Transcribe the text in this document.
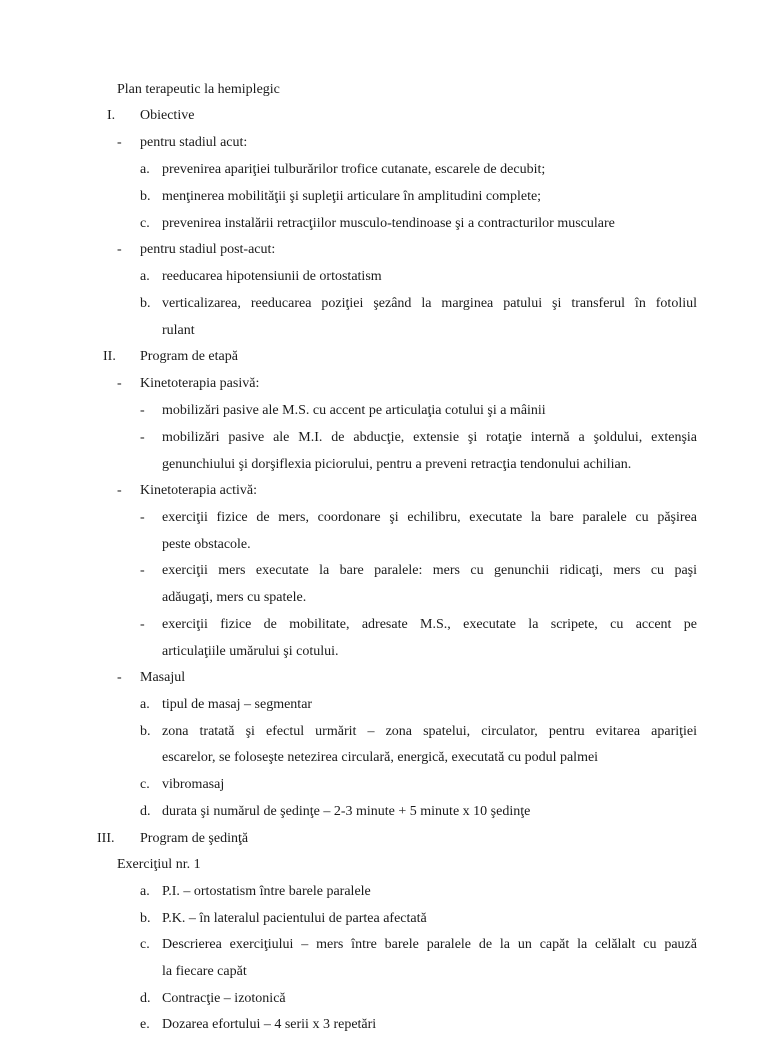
Plan terapeutic la hemiplegic
I. Obiective
- pentru stadiul acut:
a. prevenirea apariţiei tulburărilor trofice cutanate, escarele de decubit;
b. menţinerea mobilităţii şi supleţii articulare în amplitudini complete;
c. prevenirea instalării retracţiilor musculo-tendinoase şi a contracturilor musculare
- pentru stadiul post-acut:
a. reeducarea hipotensiunii de ortostatism
b. verticalizarea, reeducarea poziţiei şezând la marginea patului şi transferul în fotoliul
rulant
II. Program de etapă
- Kinetoterapia pasivă:
- mobilizări pasive ale M.S. cu accent pe articulaţia cotului şi a mâinii
- mobilizări pasive ale M.I. de abducţie, extensie şi rotaţie internă a şoldului, extenşia
genunchiului şi dorşiflexia piciorului, pentru a preveni retracţia tendonului achilian.
- Kinetoterapia activă:
- exerciţii fizice de mers, coordonare şi echilibru, executate la bare paralele cu păşirea
peste obstacole.
- exerciţii mers executate la bare paralele: mers cu genunchii ridicaţi, mers cu paşi
adăugaţi, mers cu spatele.
- exerciţii fizice de mobilitate, adresate M.S., executate la scripete, cu accent pe
articulaţiile umărului şi cotului.
- Masajul
a. tipul de masaj – segmentar
b. zona tratată şi efectul urmărit – zona spatelui, circulator, pentru evitarea apariţiei
escarelor, se foloseşte netezirea circulară, energică, executată cu podul palmei
c. vibromasaj
d. durata şi numărul de şedinţe – 2-3 minute + 5 minute x 10 şedinţe
III. Program de şedinţă
Exerciţiul nr. 1
a. P.I. – ortostatism între barele paralele
b. P.K. – în lateralul pacientului de partea afectată
c. Descrierea exerciţiului – mers între barele paralele de la un capăt la celălalt cu pauză
la fiecare capăt
d. Contracţie – izotonică
e. Dozarea efortului – 4 serii x 3 repetări
